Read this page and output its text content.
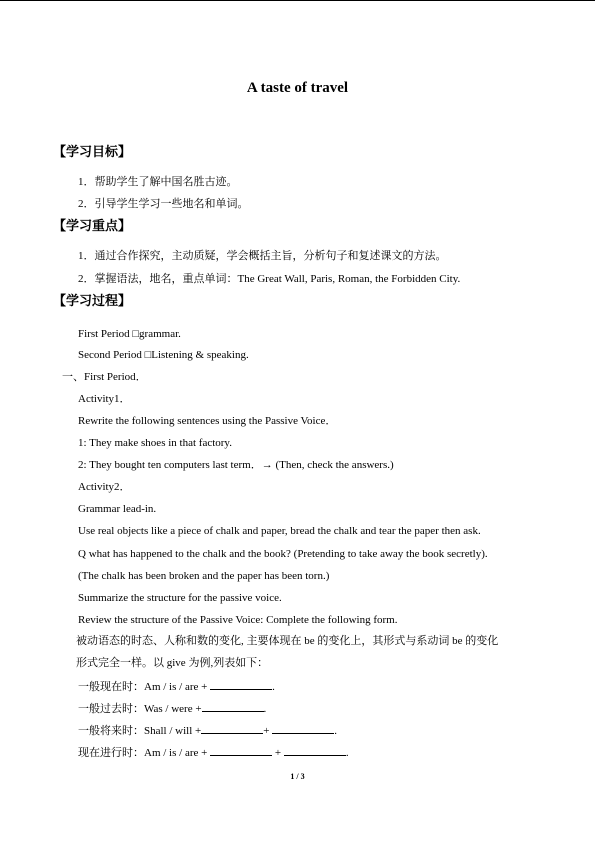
A taste of travel
【学习目标】
1．帮助学生了解中国名胜古迹。
2．引导学生学习一些地名和单词。
【学习重点】
1．通过合作探究，主动质疑，学会概括主旨，分析句子和复述课文的方法。
2．掌握语法，地名，重点单词：The Great Wall, Paris, Roman, the Forbidden City.
【学习过程】
First Period □grammar.
Second Period □Listening & speaking.
一、First Period．
Activity1．
Rewrite the following sentences using the Passive Voice．
1: They make shoes in that factory.
2: They bought ten computers last term．→ (Then, check the answers.)
Activity2．
Grammar lead-in.
Use real objects like a piece of chalk and paper, bread the chalk and tear the paper then ask.
Q what has happened to the chalk and the book? (Pretending to take away the book secretly).
(The chalk has been broken and the paper has been torn.)
Summarize the structure for the passive voice.
Review the structure of the Passive Voice: Complete the following form.
被动语态的时态、人称和数的变化, 主要体现在 be 的变化上，其形式与系动词 be 的变化
形式完全一样。以 give 为例,列表如下：
一般现在时：Am / is / are +	.
一般过去时：Was / were +	.
一般将来时：Shall / will +	+	.
现在进行时：Am / is / are +	+	.
1 / 3
